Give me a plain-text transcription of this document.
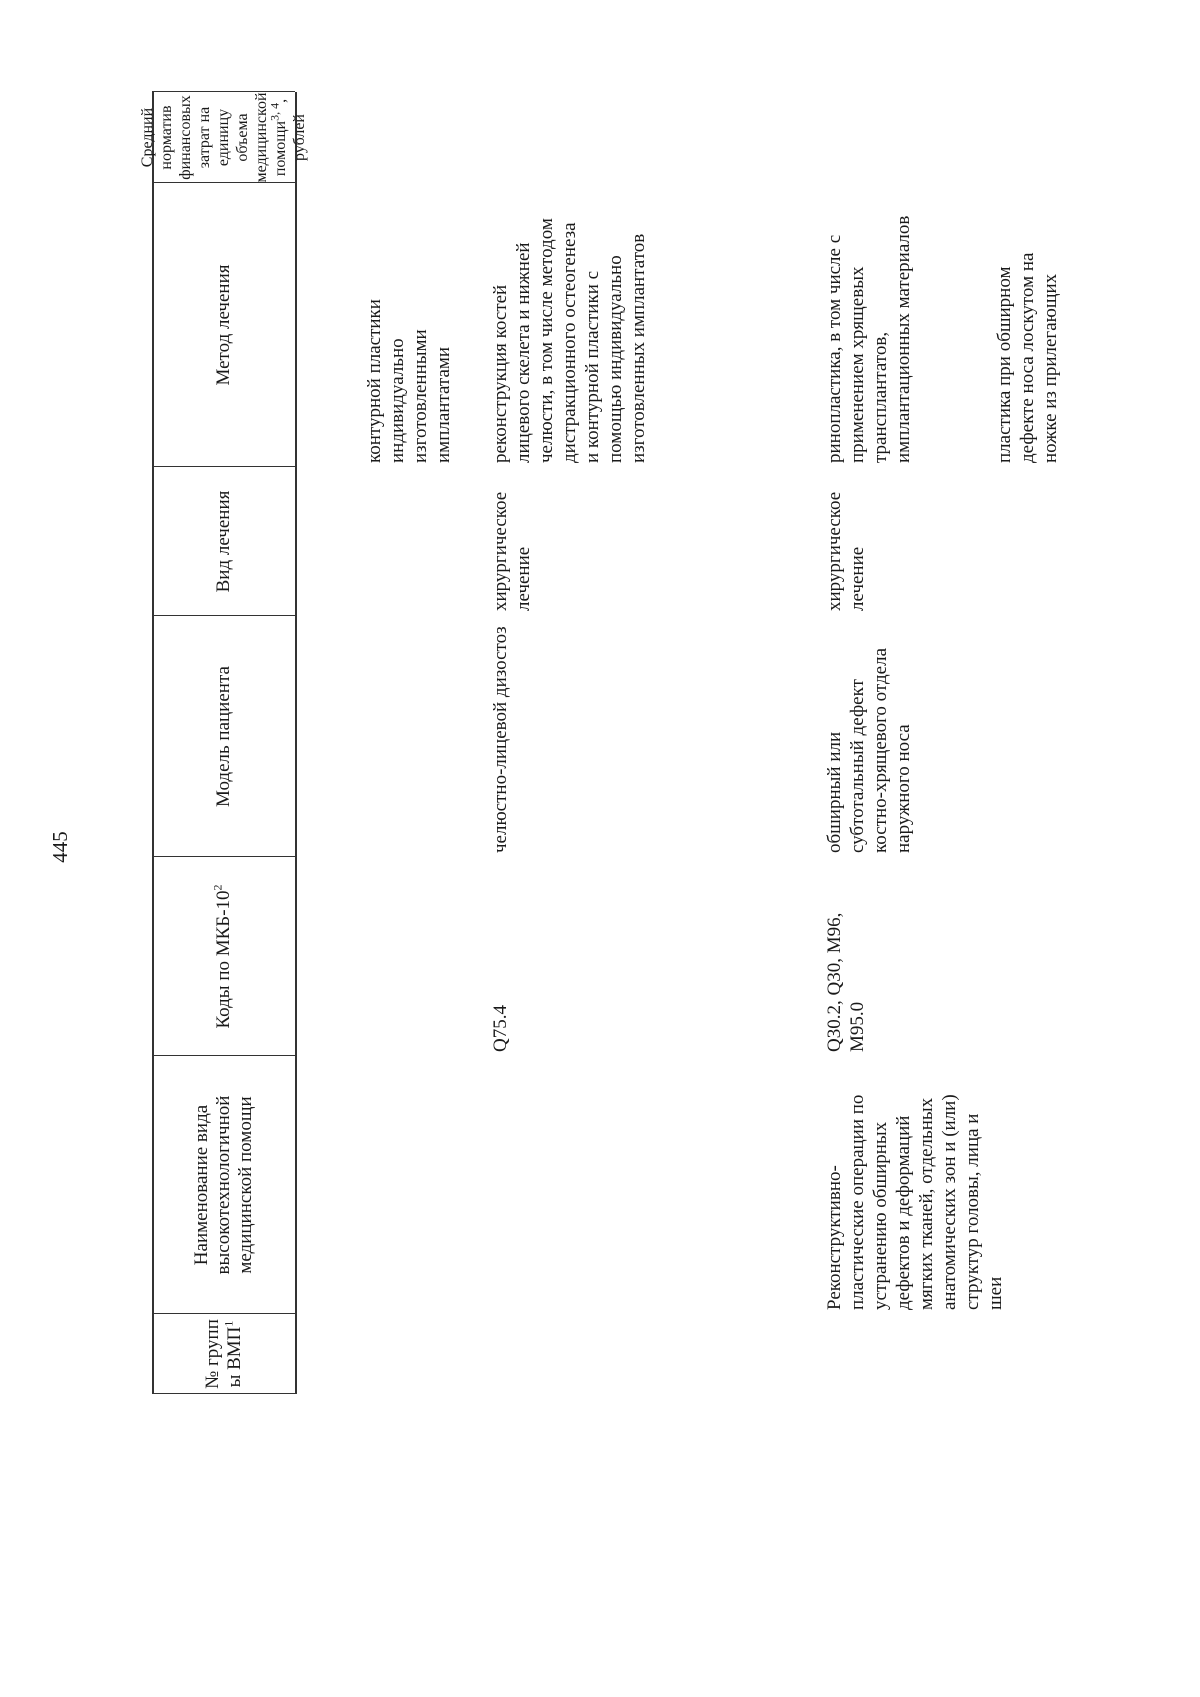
445
№ групп ы ВМП$^1$
Наименование вида высокотехнологичной медицинской помощи
Коды по МКБ-$10^2$
Модель пациента
Вид лечения
Метод лечения
Средний норматив финансовых затрат на единицу объема медицинской помощи$^{3, 4}$, рублей
контурной пластики
индивидуально
изготовленными
имплантатами
Q75.4
челюстно-лицевой дизостоз
хирургическое
лечение
реконструкция костей
лицевого скелета и нижней
челюсти, в том числе методом
дистракционного остеогенеза
и контурной пластики с
помощью индивидуально
изготовленных имплантатов
Реконструктивно-
пластические операции по
устранению обширных
дефектов и деформаций
мягких тканей, отдельных
анатомических зон и (или)
структур головы, лица и
шеи
Q30.2, Q30, M96,
M95.0
обширный или
субтотальный дефект
костно-хрящевого отдела
наружного носа
хирургическое
лечение
ринопластика, в том числе с
применением хрящевых
трансплантатов,
имплантационных материалов
пластика при обширном
дефекте носа лоскутом на
ножке из прилегающих
